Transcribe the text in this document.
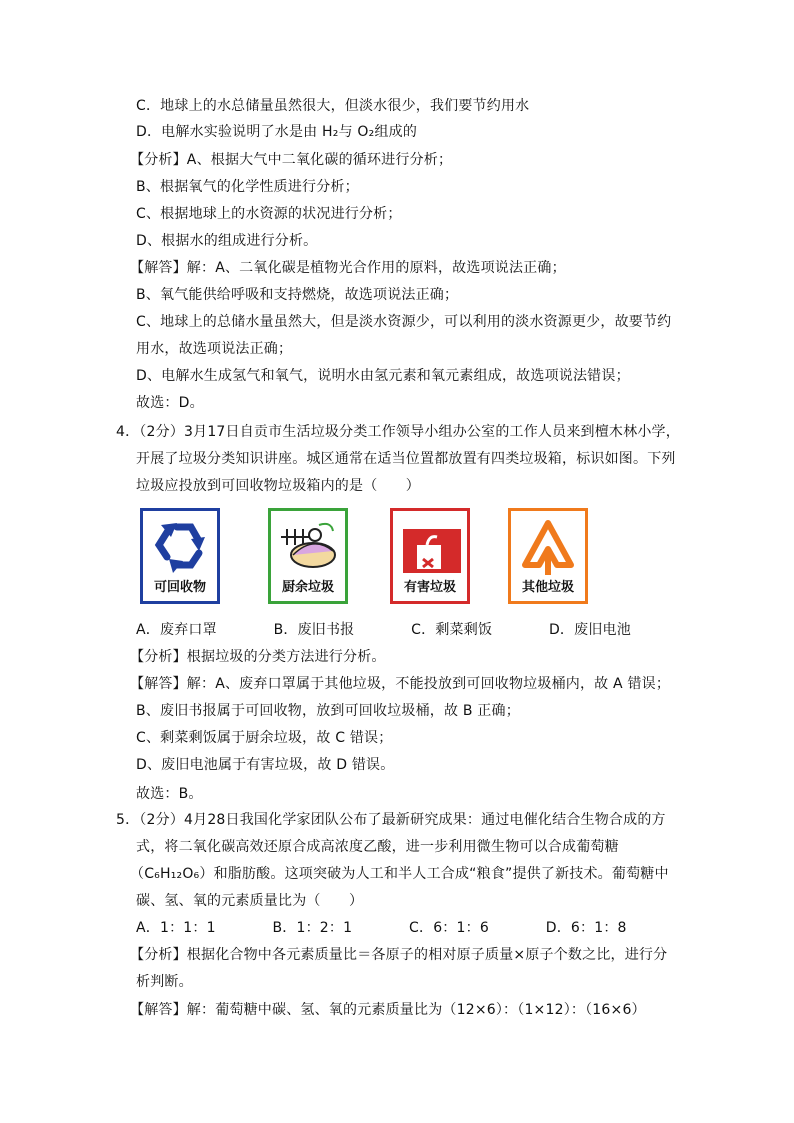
C．地球上的水总储量虽然很大，但淡水很少，我们要节约用水
D．电解水实验说明了水是由 H₂与 O₂组成的
【分析】A、根据大气中二氧化碳的循环进行分析；
B、根据氧气的化学性质进行分析；
C、根据地球上的水资源的状况进行分析；
D、根据水的组成进行分析。
【解答】解：A、二氧化碳是植物光合作用的原料，故选项说法正确；
B、氧气能供给呼吸和支持燃烧，故选项说法正确；
C、地球上的总储水量虽然大，但是淡水资源少，可以利用的淡水资源更少，故要节约
用水，故选项说法正确；
D、电解水生成氢气和氧气，说明水由氢元素和氧元素组成，故选项说法错误；
故选：D。
4．（2分）3月17日自贡市生活垃圾分类工作领导小组办公室的工作人员来到檀木林小学，
开展了垃圾分类知识讲座。城区通常在适当位置都放置有四类垃圾箱，标识如图。下列
垃圾应投放到可回收物垃圾箱内的是（　　）
可回收物	厨余垃圾	有害垃圾	其他垃圾
A．废弃口罩　　　　B．废旧书报　　　　C．剩菜剩饭　　　　D．废旧电池
【分析】根据垃圾的分类方法进行分析。
【解答】解：A、废弃口罩属于其他垃圾，不能投放到可回收物垃圾桶内，故 A 错误；
B、废旧书报属于可回收物，放到可回收垃圾桶，故 B 正确；
C、剩菜剩饭属于厨余垃圾，故 C 错误；
D、废旧电池属于有害垃圾，故 D 错误。
故选：B。
5．（2分）4月28日我国化学家团队公布了最新研究成果：通过电催化结合生物合成的方
式，将二氧化碳高效还原合成高浓度乙酸，进一步利用微生物可以合成葡萄糖
（C₆H₁₂O₆）和脂肪酸。这项突破为人工和半人工合成“粮食”提供了新技术。葡萄糖中
碳、氢、氧的元素质量比为（　　）
A．1：1：1　　　　B．1：2：1　　　　C．6：1：6　　　　D．6：1：8
【分析】根据化合物中各元素质量比＝各原子的相对原子质量×原子个数之比，进行分
析判断。
【解答】解：葡萄糖中碳、氢、氧的元素质量比为（12×6）：（1×12）：（16×6）
